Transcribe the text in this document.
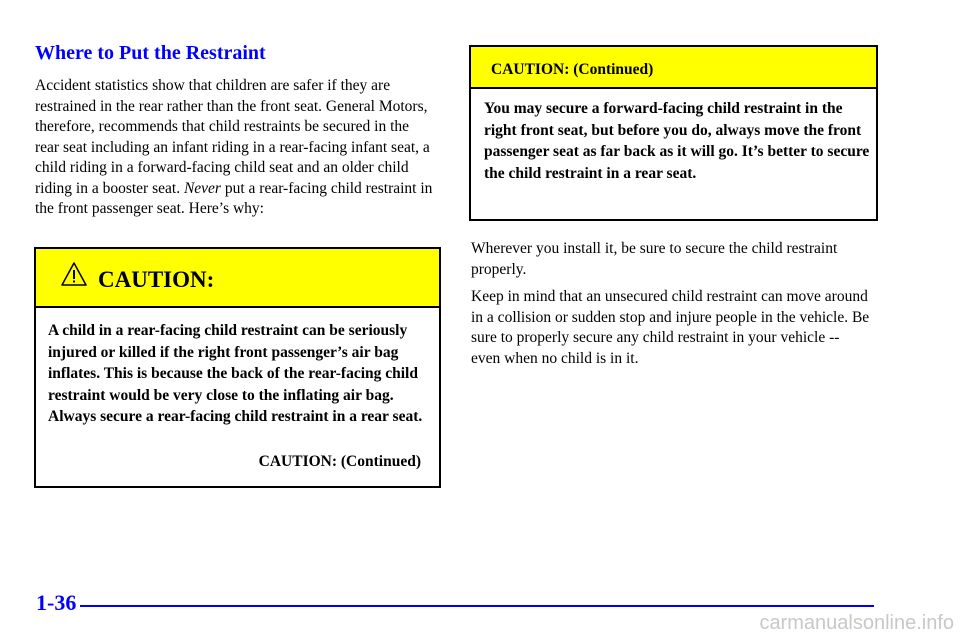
Where to Put the Restraint

Accident statistics show that children are safer if they are restrained in the rear rather than the front seat. General Motors, therefore, recommends that child restraints be secured in the rear seat including an infant riding in a rear-facing infant seat, a child riding in a forward-facing child seat and an older child riding in a booster seat. Never put a rear-facing child restraint in the front passenger seat. Here’s why:

CAUTION:

A child in a rear-facing child restraint can be seriously injured or killed if the right front passenger’s air bag inflates. This is because the back of the rear-facing child restraint would be very close to the inflating air bag. Always secure a rear-facing child restraint in a rear seat.

CAUTION: (Continued)
CAUTION: (Continued)

You may secure a forward-facing child restraint in the right front seat, but before you do, always move the front passenger seat as far back as it will go. It’s better to secure the child restraint in a rear seat.

Wherever you install it, be sure to secure the child restraint properly.

Keep in mind that an unsecured child restraint can move around in a collision or sudden stop and injure people in the vehicle. Be sure to properly secure any child restraint in your vehicle -- even when no child is in it.

1-36
carmanualsonline.info
